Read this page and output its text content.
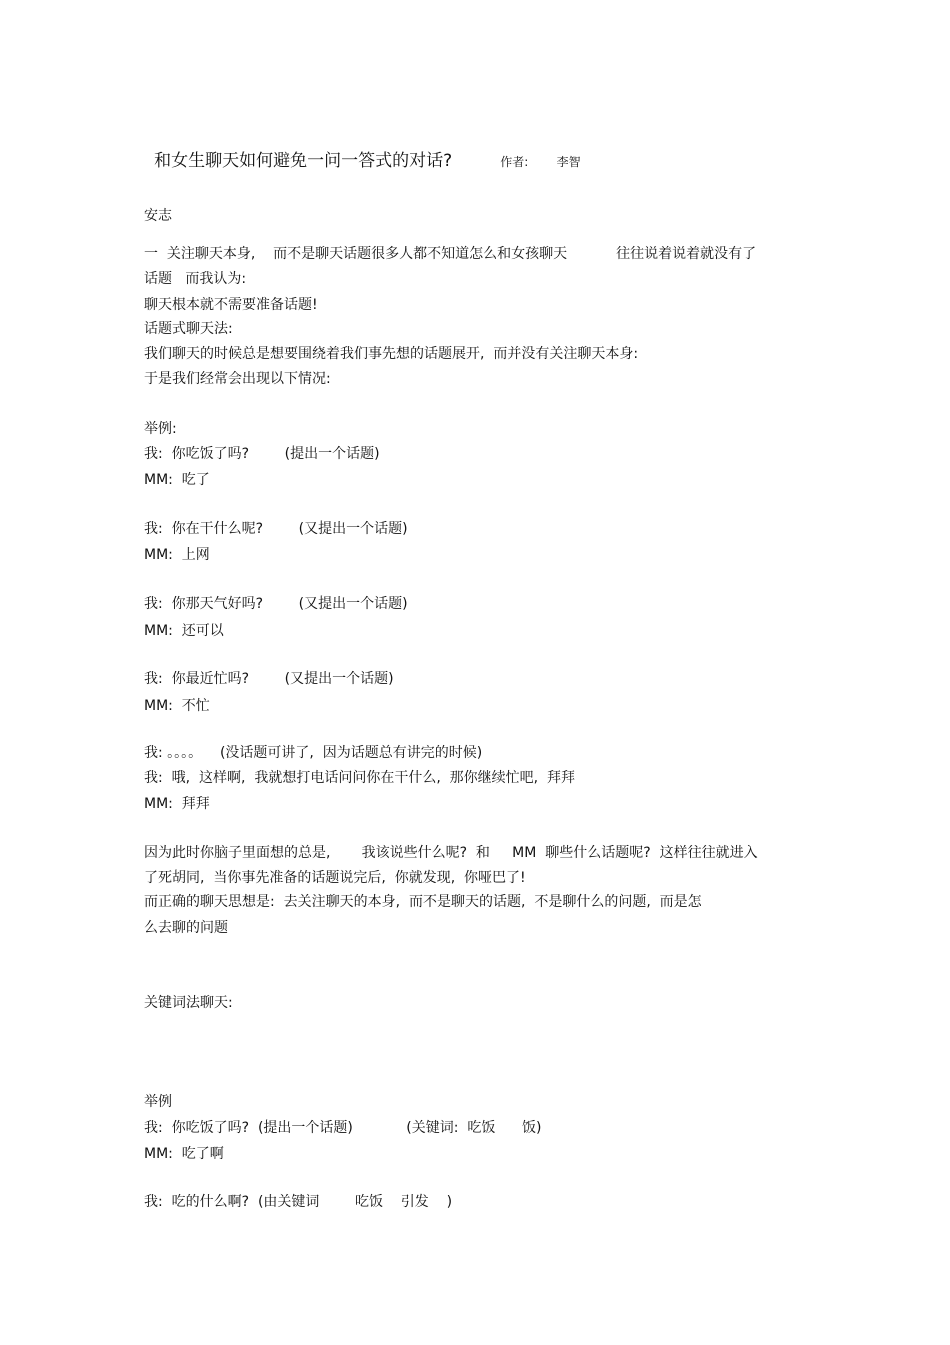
和女生聊天如何避免一问一答式的对话?	作者: 李智

安志
一  关注聊天本身,    而不是聊天话题很多人都不知道怎么和女孩聊天           往往说着说着就没有了
话题   而我认为:
聊天根本就不需要准备话题!
话题式聊天法:
我们聊天的时候总是想要围绕着我们事先想的话题展开,  而并没有关注聊天本身:
于是我们经常会出现以下情况:
举例:
我:  你吃饭了吗?        (提出一个话题)
MM:  吃了
我:  你在干什么呢?        (又提出一个话题)
MM:  上网
我:  你那天气好吗?        (又提出一个话题)
MM:  还可以
我:  你最近忙吗?        (又提出一个话题)
MM:  不忙
我: 。。。。    (没话题可讲了,  因为话题总有讲完的时候)
我:  哦,  这样啊,  我就想打电话问问你在干什么,  那你继续忙吧,  拜拜
MM:  拜拜
因为此时你脑子里面想的总是,       我该说些什么呢?  和     MM  聊些什么话题呢?  这样往往就进入
了死胡同,  当你事先准备的话题说完后,  你就发现,  你哑巴了!
而正确的聊天思想是:  去关注聊天的本身,  而不是聊天的话题,  不是聊什么的问题,  而是怎
么去聊的问题
关键词法聊天:
举例
我:  你吃饭了吗?  (提出一个话题)            (关键词:  吃饭      饭)
MM:  吃了啊
我:  吃的什么啊?  (由关键词        吃饭    引发    )
